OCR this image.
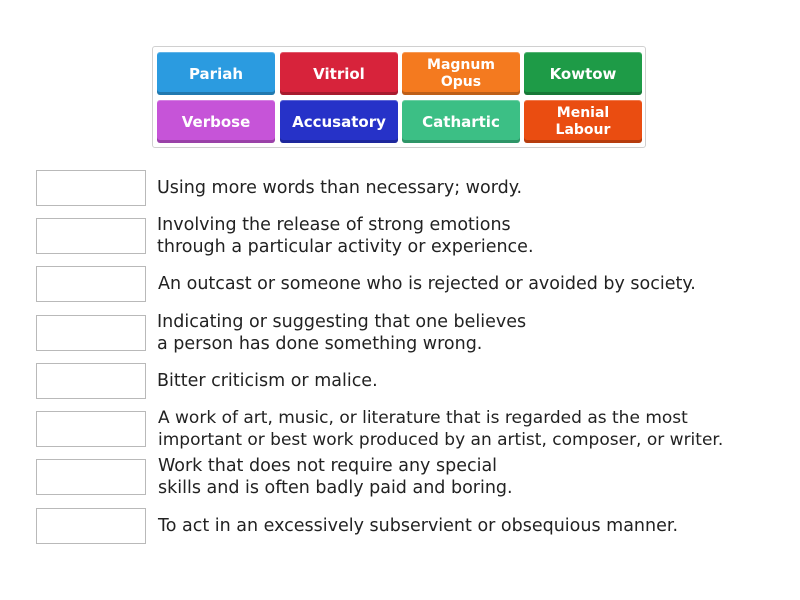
Pariah	Vitriol	Magnum
Opus	Kowtow
Verbose	Accusatory	Cathartic	Menial
Labour
Using more words than necessary; wordy.
Involving the release of strong emotions
through a particular activity or experience.
An outcast or someone who is rejected or avoided by society.
Indicating or suggesting that one believes
a person has done something wrong.
Bitter criticism or malice.
A work of art, music, or literature that is regarded as the most
important or best work produced by an artist, composer, or writer.
Work that does not require any special
skills and is often badly paid and boring.
To act in an excessively subservient or obsequious manner.
